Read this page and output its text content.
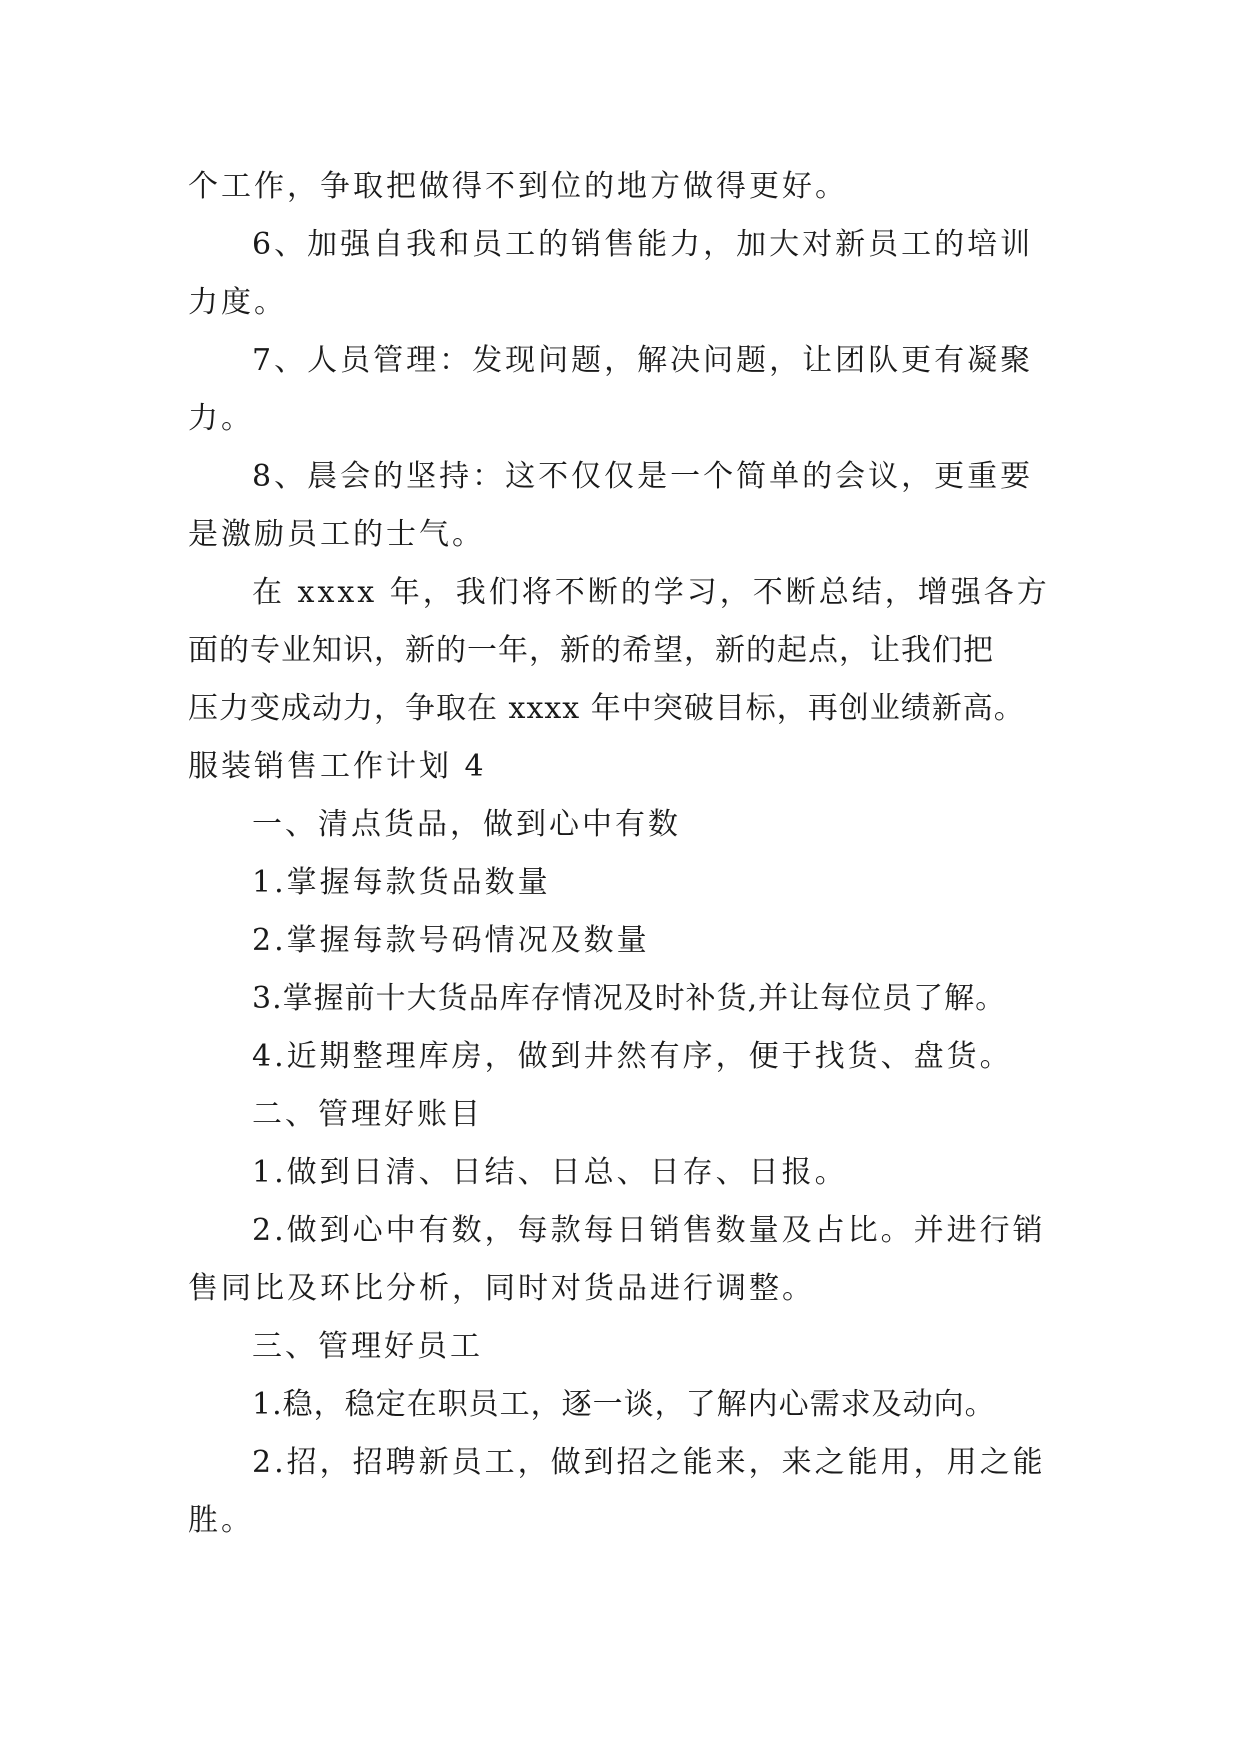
个工作，争取把做得不到位的地方做得更好。
6、加强自我和员工的销售能力，加大对新员工的培训
力度。
7、人员管理：发现问题，解决问题，让团队更有凝聚
力。
8、晨会的坚持：这不仅仅是一个简单的会议，更重要
是激励员工的士气。
在 xxxx 年，我们将不断的学习，不断总结，增强各方
面的专业知识，新的一年，新的希望，新的起点，让我们把
压力变成动力，争取在 xxxx 年中突破目标，再创业绩新高。
服装销售工作计划 4
一、清点货品，做到心中有数
1.掌握每款货品数量
2.掌握每款号码情况及数量
3.掌握前十大货品库存情况及时补货,并让每位员了解。
4.近期整理库房，做到井然有序，便于找货、盘货。
二、管理好账目
1.做到日清、日结、日总、日存、日报。
2.做到心中有数，每款每日销售数量及占比。并进行销
售同比及环比分析，同时对货品进行调整。
三、管理好员工
1.稳，稳定在职员工，逐一谈，了解内心需求及动向。
2.招，招聘新员工，做到招之能来，来之能用，用之能
胜。
